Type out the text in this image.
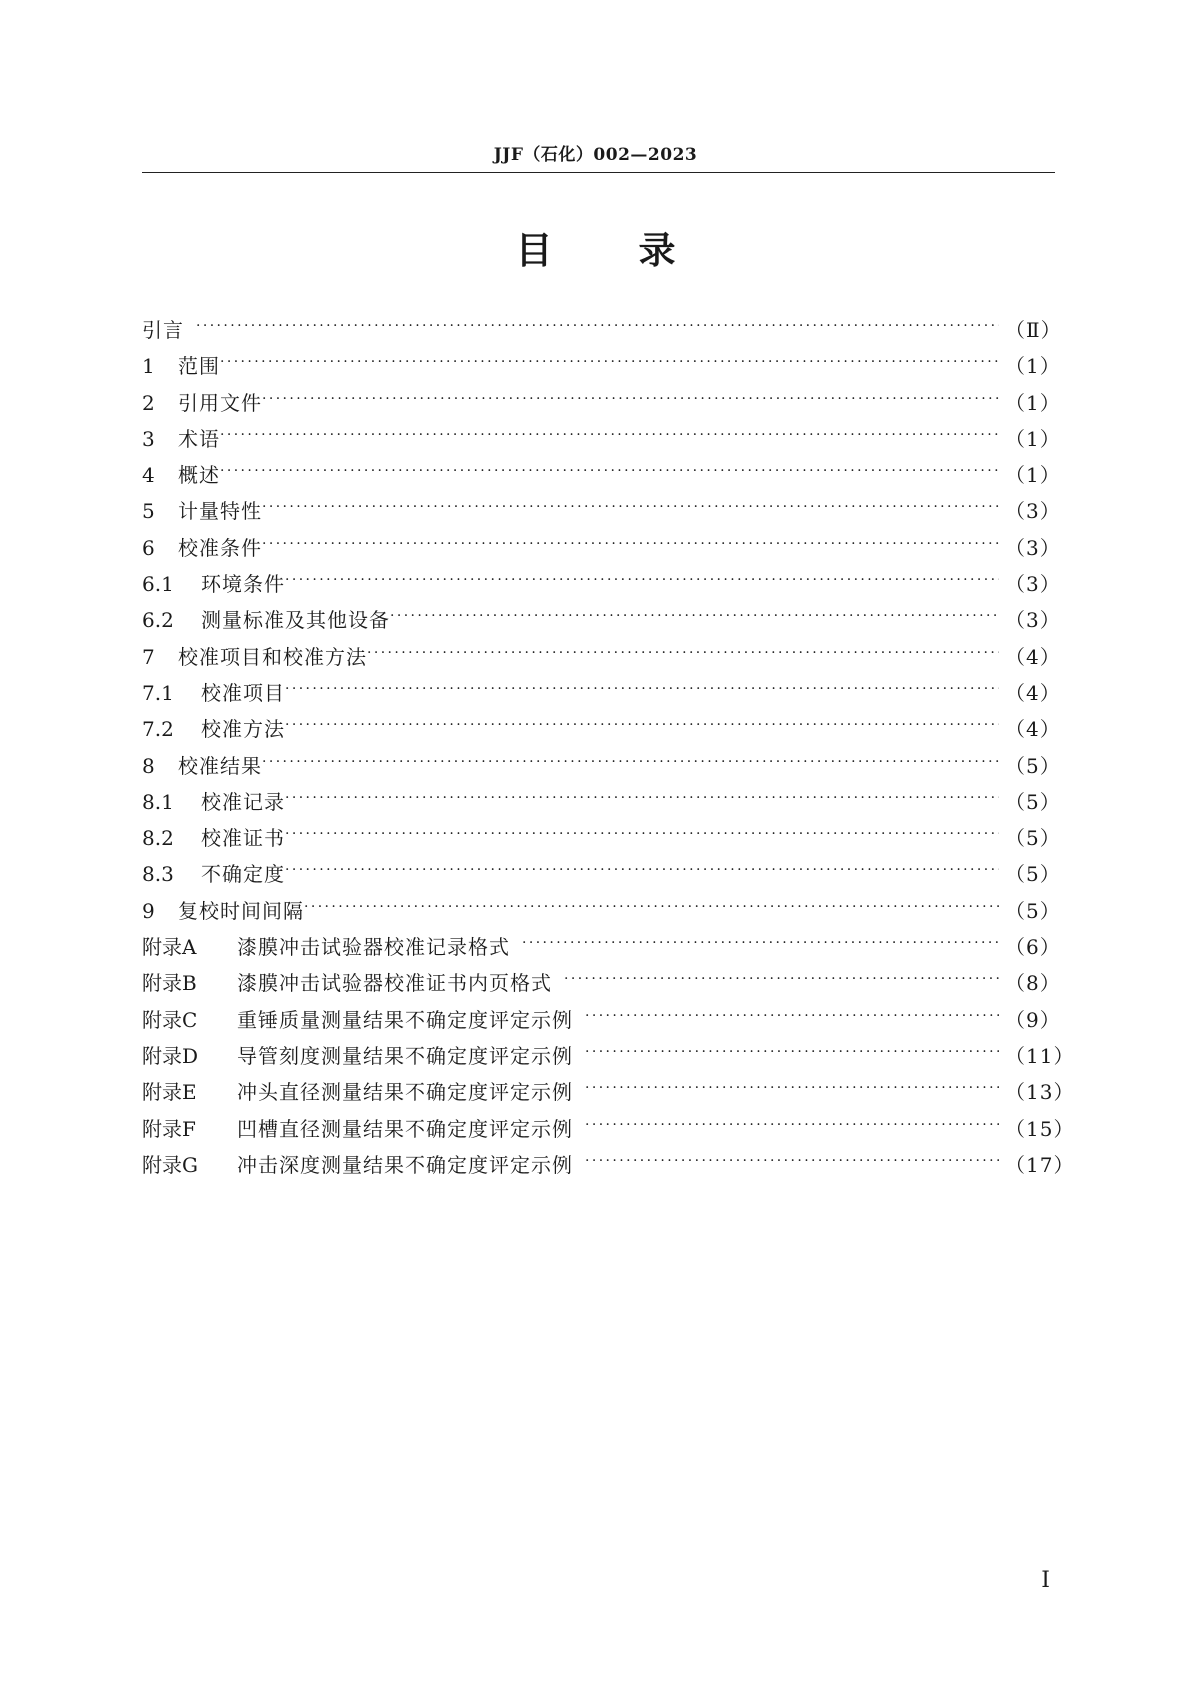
JJF（石化）002—2023
目 录
引言 ·····	（Ⅱ）
1	范围 ·····	（1）
2	引用文件 ·····	（1）
3	术语 ·····	（1）
4	概述 ·····	（1）
5	计量特性 ·····	（3）
6	校准条件 ·····	（3）
6.1	环境条件 ·····	（3）
6.2	测量标准及其他设备 ·····	（3）
7	校准项目和校准方法 ·····	（4）
7.1	校准项目 ·····	（4）
7.2	校准方法 ·····	（4）
8	校准结果 ·····	（5）
8.1	校准记录 ·····	（5）
8.2	校准证书 ·····	（5）
8.3	不确定度 ·····	（5）
9	复校时间间隔 ·····	（5）
附录A	漆膜冲击试验器校准记录格式 ·····	（6）
附录B	漆膜冲击试验器校准证书内页格式 ·····	（8）
附录C	重锤质量测量结果不确定度评定示例 ·····	（9）
附录D	导管刻度测量结果不确定度评定示例 ·····	（11）
附录E	冲头直径测量结果不确定度评定示例 ·····	（13）
附录F	凹槽直径测量结果不确定度评定示例 ·····	（15）
附录G	冲击深度测量结果不确定度评定示例 ·····	（17）
Ⅰ
